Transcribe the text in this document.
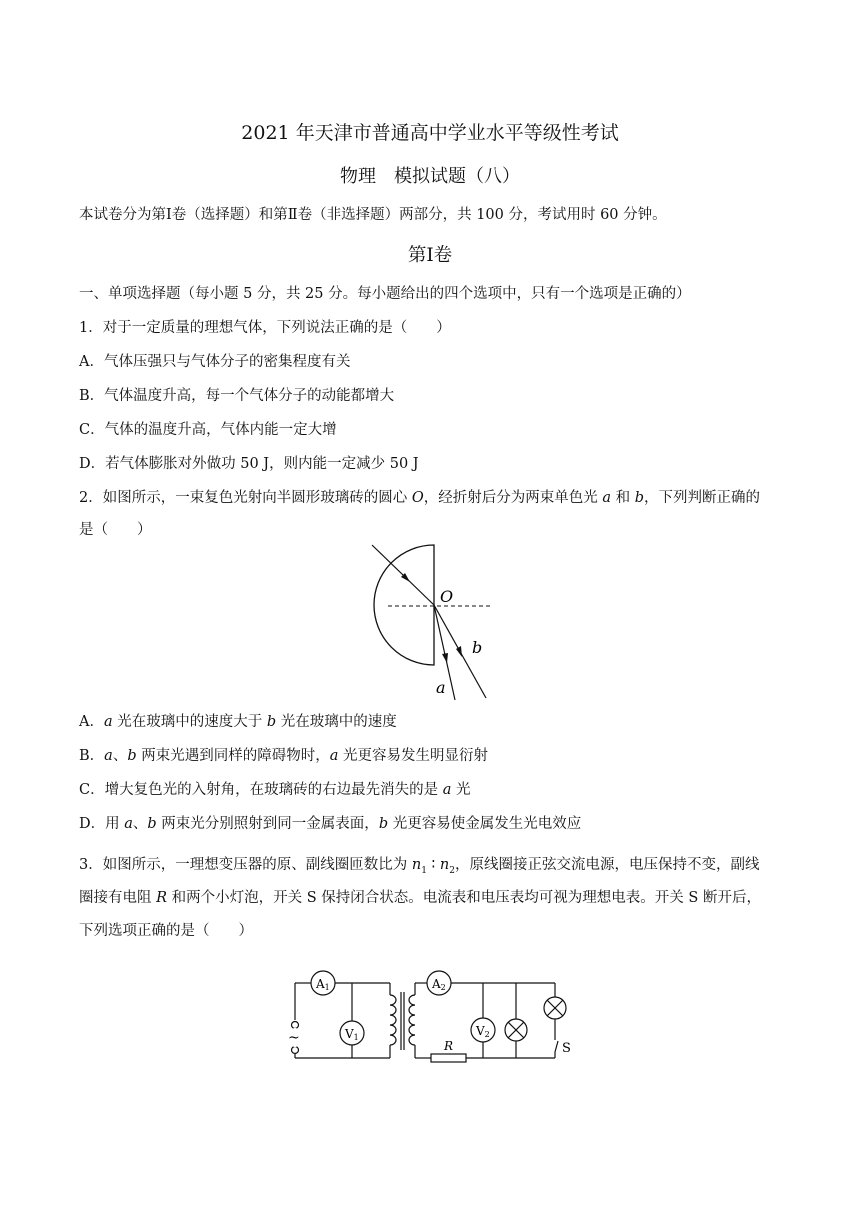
2021 年天津市普通高中学业水平等级性考试
物理　模拟试题（八）
本试卷分为第Ⅰ卷（选择题）和第Ⅱ卷（非选择题）两部分，共 100 分，考试用时 60 分钟。
第Ⅰ卷
一、单项选择题（每小题 5 分，共 25 分。每小题给出的四个选项中，只有一个选项是正确的）
1．对于一定质量的理想气体，下列说法正确的是（　　）
A．气体压强只与气体分子的密集程度有关
B．气体温度升高，每一个气体分子的动能都增大
C．气体的温度升高，气体内能一定大增
D．若气体膨胀对外做功 50 J，则内能一定减少 50 J
2．如图所示，一束复色光射向半圆形玻璃砖的圆心 O，经折射后分为两束单色光 a 和 b，下列判断正确的
是（　　）
O
b
a
A．a 光在玻璃中的速度大于 b 光在玻璃中的速度
B．a、b 两束光遇到同样的障碍物时，a 光更容易发生明显衍射
C．增大复色光的入射角，在玻璃砖的右边最先消失的是 a 光
D．用 a、b 两束光分别照射到同一金属表面，b 光更容易使金属发生光电效应
3．如图所示，一理想变压器的原、副线圈匝数比为 $n_1$ ∶ $n_2$，原线圈接正弦交流电源，电压保持不变，副线
圈接有电阻 R 和两个小灯泡，开关 S 保持闭合状态。电流表和电压表均可视为理想电表。开关 S 断开后，
下列选项正确的是（　　）
~
A1
V1
A2
V2
R	S
